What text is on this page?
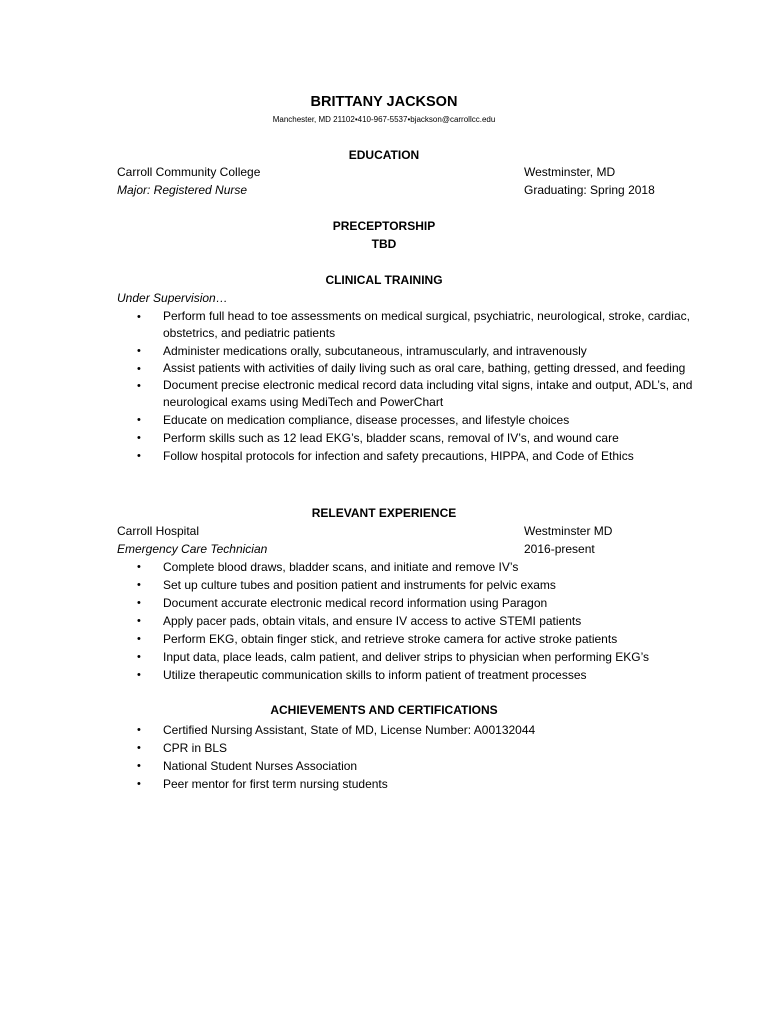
BRITTANY JACKSON
Manchester, MD 21102•410-967-5537•bjackson@carrollcc.edu
EDUCATION
Carroll Community College	Westminster, MD
Major: Registered Nurse	Graduating: Spring 2018
PRECEPTORSHIP
TBD
CLINICAL TRAINING
Under Supervision…
•	Perform full head to toe assessments on medical surgical, psychiatric, neurological, stroke, cardiac, obstetrics, and pediatric patients
•	Administer medications orally, subcutaneous, intramuscularly, and intravenously
•	Assist patients with activities of daily living such as oral care, bathing, getting dressed, and feeding
•	Document precise electronic medical record data including vital signs, intake and output, ADL’s, and neurological exams using MediTech and PowerChart
•	Educate on medication compliance, disease processes, and lifestyle choices
•	Perform skills such as 12 lead EKG’s, bladder scans, removal of IV’s, and wound care
•	Follow hospital protocols for infection and safety precautions, HIPPA, and Code of Ethics
RELEVANT EXPERIENCE
Carroll Hospital	Westminster MD
Emergency Care Technician	2016-present
•	Complete blood draws, bladder scans, and initiate and remove IV’s
•	Set up culture tubes and position patient and instruments for pelvic exams
•	Document accurate electronic medical record information using Paragon
•	Apply pacer pads, obtain vitals, and ensure IV access to active STEMI patients
•	Perform EKG, obtain finger stick, and retrieve stroke camera for active stroke patients
•	Input data, place leads, calm patient, and deliver strips to physician when performing EKG’s
•	Utilize therapeutic communication skills to inform patient of treatment processes
ACHIEVEMENTS AND CERTIFICATIONS
•	Certified Nursing Assistant, State of MD, License Number: A00132044
•	CPR in BLS
•	National Student Nurses Association
•	Peer mentor for first term nursing students
